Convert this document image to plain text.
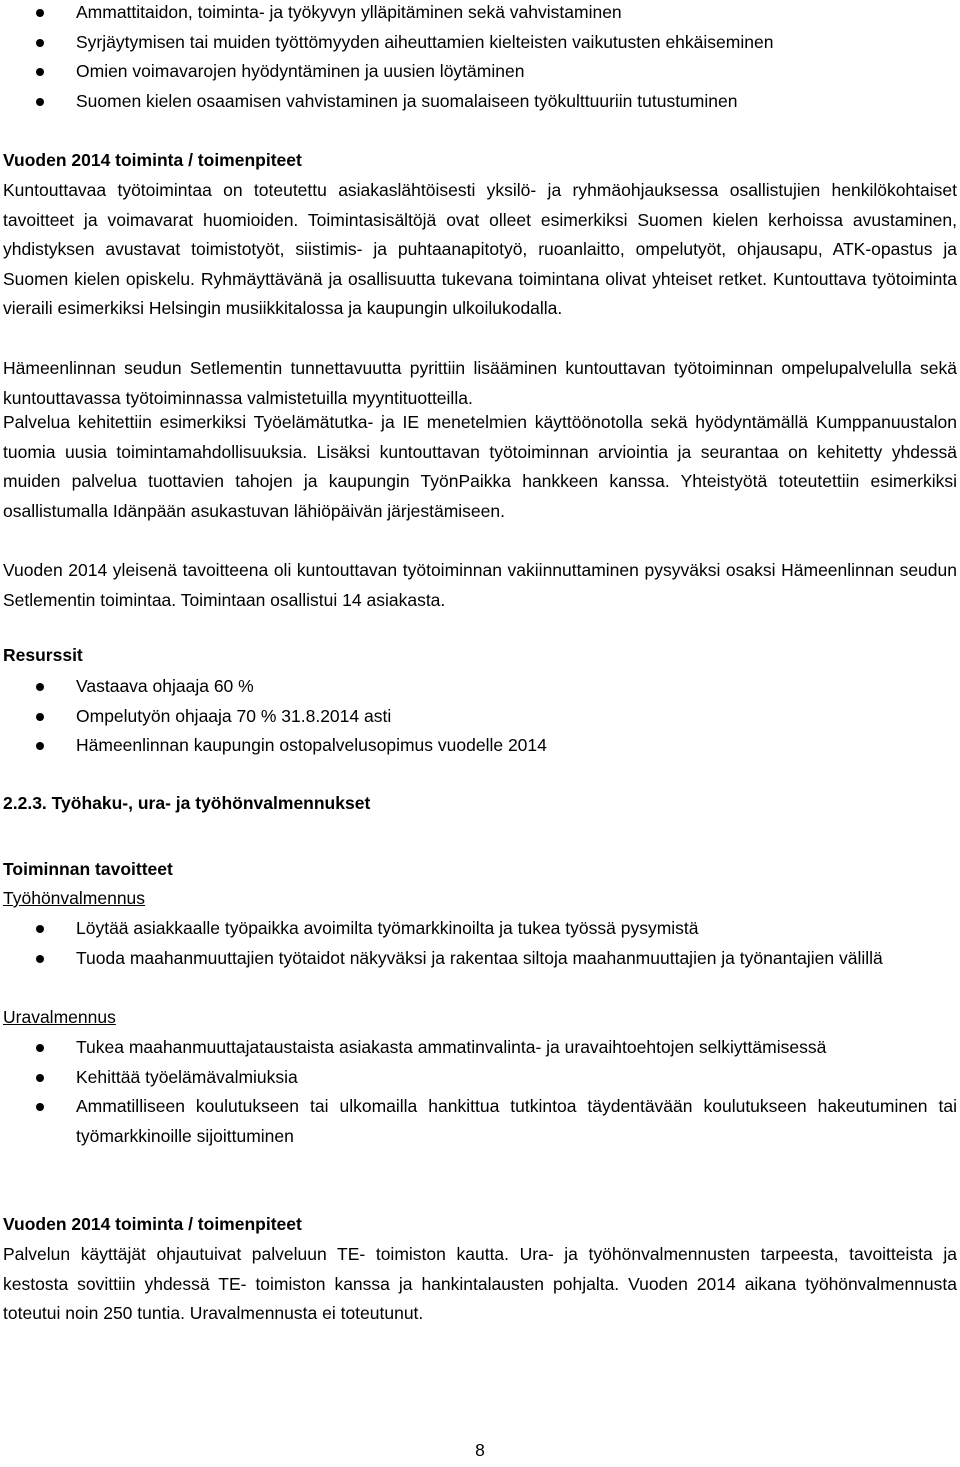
Ammattitaidon, toiminta- ja työkyvyn ylläpitäminen sekä vahvistaminen
Syrjäytymisen tai muiden työttömyyden aiheuttamien kielteisten vaikutusten ehkäiseminen
Omien voimavarojen hyödyntäminen ja uusien löytäminen
Suomen kielen osaamisen vahvistaminen ja suomalaiseen työkulttuuriin tutustuminen
Vuoden 2014 toiminta / toimenpiteet
Kuntouttavaa työtoimintaa on toteutettu asiakaslähtöisesti yksilö- ja ryhmäohjauksessa osallistujien henkilökohtaiset tavoitteet ja voimavarat huomioiden. Toimintasisältöjä ovat olleet esimerkiksi Suomen kielen kerhoissa avustaminen, yhdistyksen avustavat toimistotyöt, siistimis- ja puhtaanapitotyö, ruoanlaitto, ompelutyöt, ohjausapu, ATK-opastus ja Suomen kielen opiskelu. Ryhmäyttävänä ja osallisuutta tukevana toimintana olivat yhteiset retket. Kuntouttava työtoiminta vieraili esimerkiksi Helsingin musiikkitalossa ja kaupungin ulkoilukodalla.
Hämeenlinnan seudun Setlementin tunnettavuutta pyrittiin lisääminen kuntouttavan työtoiminnan ompelupalvelulla sekä kuntouttavassa työtoiminnassa valmistetuilla myyntituotteilla.
Palvelua kehitettiin esimerkiksi Työelämätutka- ja IE menetelmien käyttöönotolla sekä hyödyntämällä Kumppanuustalon tuomia uusia toimintamahdollisuuksia. Lisäksi kuntouttavan työtoiminnan arviointia ja seurantaa on kehitetty yhdessä muiden palvelua tuottavien tahojen ja kaupungin TyönPaikka hankkeen kanssa. Yhteistyötä toteutettiin esimerkiksi osallistumalla Idänpään asukastuvan lähiöpäivän järjestämiseen.
Vuoden 2014 yleisenä tavoitteena oli kuntouttavan työtoiminnan vakiinnuttaminen pysyväksi osaksi Hämeenlinnan seudun Setlementin toimintaa. Toimintaan osallistui 14 asiakasta.
Resurssit
Vastaava ohjaaja 60 %
Ompelutyön ohjaaja 70 % 31.8.2014 asti
Hämeenlinnan kaupungin ostopalvelusopimus vuodelle 2014
2.2.3. Työhaku-, ura- ja työhönvalmennukset
Toiminnan tavoitteet
Työhönvalmennus
Löytää asiakkaalle työpaikka avoimilta työmarkkinoilta ja tukea työssä pysymistä
Tuoda maahanmuuttajien työtaidot näkyväksi ja rakentaa siltoja maahanmuuttajien ja työnantajien välillä
Uravalmennus
Tukea maahanmuuttajataustaista asiakasta ammatinvalinta- ja uravaihtoehtojen selkiyttämisessä
Kehittää työelämävalmiuksia
Ammatilliseen koulutukseen tai ulkomailla hankittua tutkintoa täydentävään koulutukseen hakeutuminen tai työmarkkinoille sijoittuminen
Vuoden 2014 toiminta / toimenpiteet
Palvelun käyttäjät ohjautuivat palveluun TE- toimiston kautta. Ura- ja työhönvalmennusten tarpeesta, tavoitteista ja kestosta sovittiin yhdessä TE- toimiston kanssa ja hankintalausten pohjalta. Vuoden 2014 aikana työhönvalmennusta toteutui noin 250 tuntia. Uravalmennusta ei toteutunut.
8
